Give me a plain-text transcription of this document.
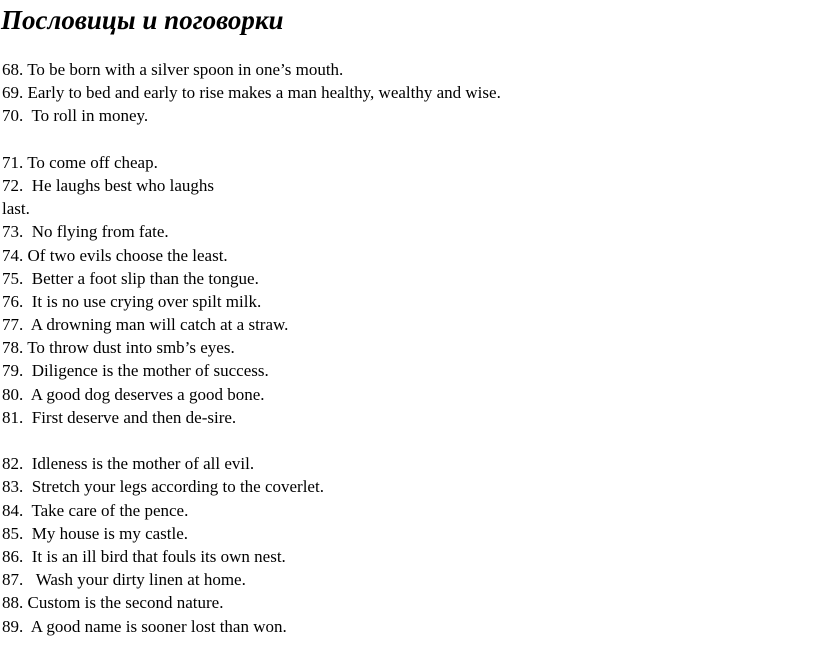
Пословицы и поговорки
68. To be born with a silver spoon in one’s mouth.
69. Early to bed and early to rise makes a man healthy, wealthy and wise.
70.  To roll in money.
71. To come off cheap.
72.  He laughs best who laughs
last.
73.  No flying from fate.
74. Of two evils choose the least.
75.  Better a foot slip than the tongue.
76.  It is no use crying over spilt milk.
77.  A drowning man will catch at a straw.
78. To throw dust into smb’s eyes.
79.  Diligence is the mother of success.
80.  A good dog deserves a good bone.
81.  First deserve and then de-sire.
82.  Idleness is the mother of all evil.
83.  Stretch your legs according to the coverlet.
84.  Take care of the pence.
85.  My house is my castle.
86.  It is an ill bird that fouls its own nest.
87.   Wash your dirty linen at home.
88. Custom is the second nature.
89.  A good name is sooner lost than won.
